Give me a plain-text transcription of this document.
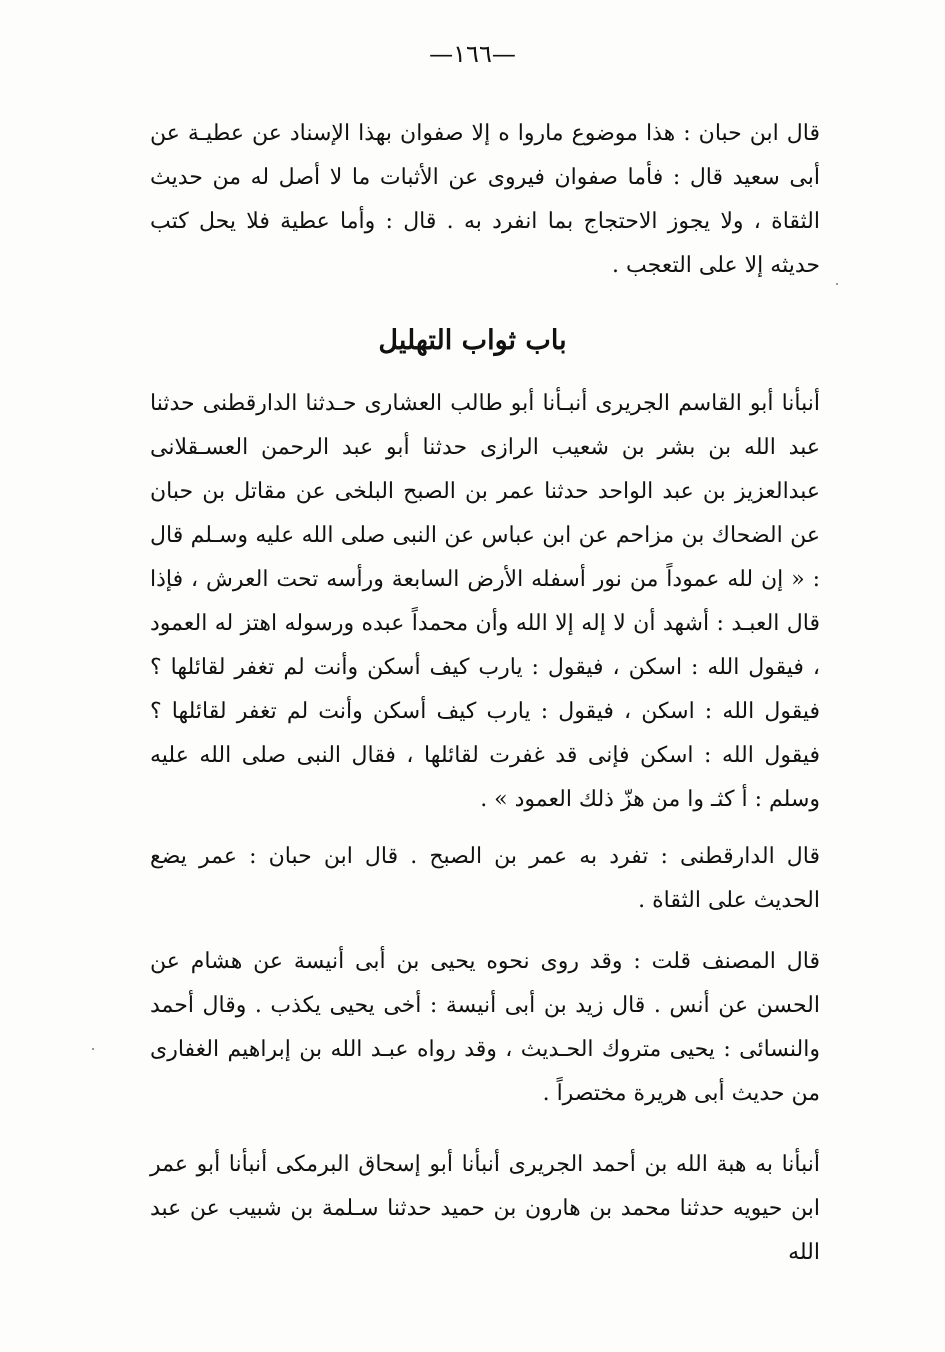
—١٦٦—
قال ابن حبان : هذا موضوع ماروا ه إلا صفوان بهذا الإسناد عن عطيـة عن أبى سعيد قال : فأما صفوان فيروى عن الأثبات ما لا أصل له من حديث الثقاة ، ولا يجوز الاحتجاج بما انفرد به . قال : وأما عطية فلا يحل كتب حديثه إلا على التعجب .
باب ثواب التهليل
أنبأنا أبو القاسم الجريرى أنبـأنا أبو طالب العشارى حـدثنا الدارقطنى حدثنا عبد الله بن بشر بن شعيب الرازى حدثنا أبو عبد الرحمن العسـقلانى عبدالعزيز بن عبد الواحد حدثنا عمر بن الصبح البلخى عن مقاتل بن حبان عن الضحاك بن مزاحم عن ابن عباس عن النبى صلى الله عليه وسـلم قال : « إن لله عموداً من نور أسفله الأرض السابعة ورأسه تحت العرش ، فإذا قال العبـد : أشهد أن لا إله إلا الله وأن محمداً عبده ورسوله اهتز له العمود ، فيقول الله : اسكن ، فيقول : يارب كيف أسكن وأنت لم تغفر لقائلها ؟ فيقول الله : اسكن ، فيقول : يارب كيف أسكن وأنت لم تغفر لقائلها ؟ فيقول الله : اسكن فإنى قد غفرت لقائلها ، فقال النبى صلى الله عليه وسلم : أ كثـ وا من هزّ ذلك العمود » .
قال الدارقطنى : تفرد به عمر بن الصبح . قال ابن حبان : عمر يضع الحديث على الثقاة .
قال المصنف قلت : وقد روى نحوه يحيى بن أبى أنيسة عن هشام عن الحسن عن أنس . قال زيد بن أبى أنيسة : أخى يحيى يكذب . وقال أحمد والنسائى : يحيى متروك الحـديث ، وقد رواه عبـد الله بن إبراهيم الغفارى من حديث أبى هريرة مختصراً .
أنبأنا به هبة الله بن أحمد الجريرى أنبأنا أبو إسحاق البرمكى أنبأنا أبو عمر ابن حيويه حدثنا محمد بن هارون بن حميد حدثنا سـلمة بن شبيب عن عبد الله
